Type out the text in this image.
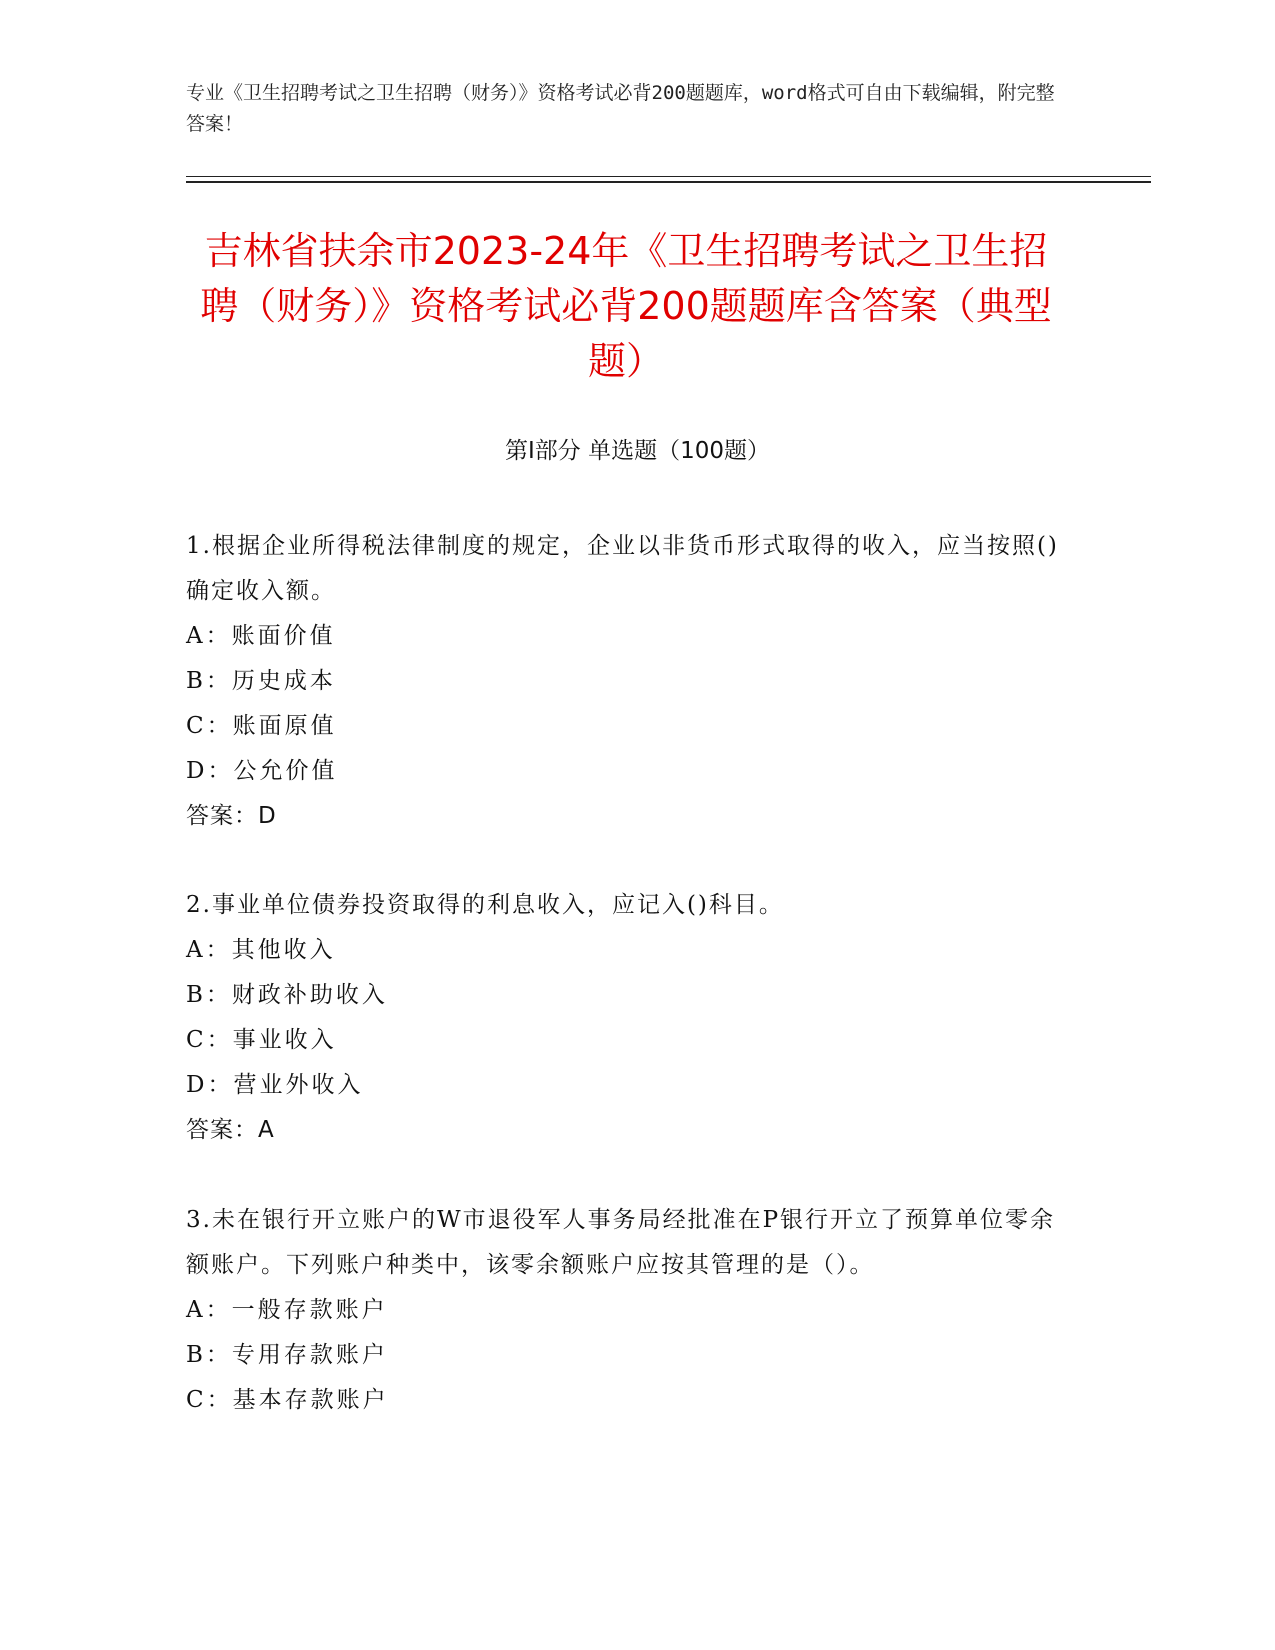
专业《卫生招聘考试之卫生招聘（财务）》资格考试必背200题题库，word格式可自由下载编辑，附完整答案！
吉林省扶余市2023-24年《卫生招聘考试之卫生招聘（财务）》资格考试必背200题题库含答案（典型题）
第Ⅰ部分 单选题（100题）
1.根据企业所得税法律制度的规定，企业以非货币形式取得的收入，应当按照()确定收入额。
A：账面价值
B：历史成本
C：账面原值
D：公允价值
答案：D
2.事业单位债券投资取得的利息收入，应记入()科目。
A：其他收入
B：财政补助收入
C：事业收入
D：营业外收入
答案：A
3.未在银行开立账户的W市退役军人事务局经批准在P银行开立了预算单位零余额账户。下列账户种类中，该零余额账户应按其管理的是（）。
A：一般存款账户
B：专用存款账户
C：基本存款账户
